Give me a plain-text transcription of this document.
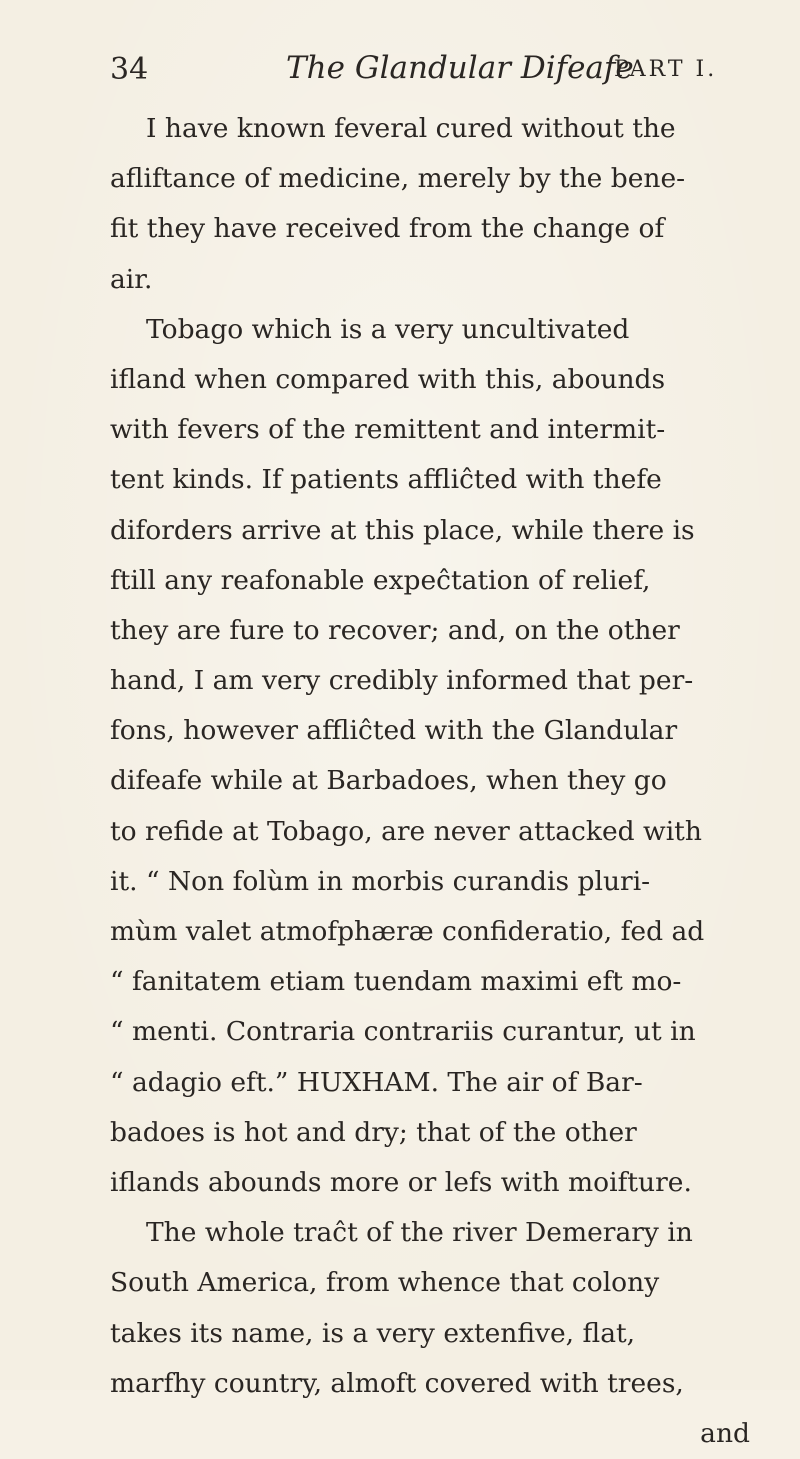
34	The Glandular Difeafe
PART I.
I have known feveral cured without the
afliftance of medicine, merely by the bene-
fit they have received from the change of
air.
Tobago which is a very uncultivated
ifland when compared with this, abounds
with fevers of the remittent and intermit-
tent kinds. If patients affliĉted with thefe
diforders arrive at this place, while there is
ftill any reafonable expeĉtation of relief,
they are fure to recover; and, on the other
hand, I am very credibly informed that per-
fons, however affliĉted with the Glandular
difeafe while at Barbadoes, when they go
to refide at Tobago, are never attacked with
it. “ Non folùm in morbis curandis pluri-
mùm valet atmofphæræ confideratio, fed ad
“ fanitatem etiam tuendam maximi eft mo-
“ menti. Contraria contrariis curantur, ut in
“ adagio eft.” HUXHAM. The air of Bar-
badoes is hot and dry; that of the other
iflands abounds more or lefs with moifture.
The whole traĉt of the river Demerary in
South America, from whence that colony
takes its name, is a very extenfive, flat,
marfhy country, almoft covered with trees,
and
